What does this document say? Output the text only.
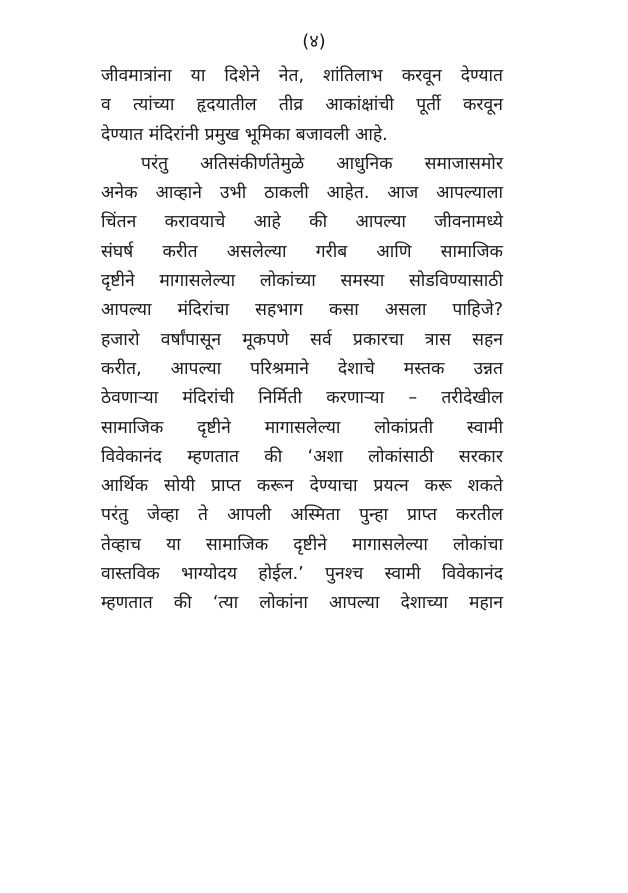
(४)
जीवमात्रांना या दिशेने नेत, शांतिलाभ करवून देण्यात
व त्यांच्या हृदयातील तीव्र आकांक्षांची पूर्ती करवून
देण्यात मंदिरांनी प्रमुख भूमिका बजावली आहे.
परंतु अतिसंकीर्णतेमुळे आधुनिक समाजासमोर
अनेक आव्हाने उभी ठाकली आहेत. आज आपल्याला
चिंतन करावयाचे आहे की आपल्या जीवनामध्ये
संघर्ष करीत असलेल्या गरीब आणि सामाजिक
दृष्टीने मागासलेल्या लोकांच्या समस्या सोडविण्यासाठी
आपल्या मंदिरांचा सहभाग कसा असला पाहिजे?
हजारो वर्षांपासून मूकपणे सर्व प्रकारचा त्रास सहन
करीत, आपल्या परिश्रमाने देशाचे मस्तक उन्नत
ठेवणाऱ्या मंदिरांची निर्मिती करणाऱ्या – तरीदेखील
सामाजिक दृष्टीने मागासलेल्या लोकांप्रती स्वामी
विवेकानंद म्हणतात की ‘अशा लोकांसाठी सरकार
आर्थिक सोयी प्राप्त करून देण्याचा प्रयत्न करू शकते
परंतु जेव्हा ते आपली अस्मिता पुन्हा प्राप्त करतील
तेव्हाच या सामाजिक दृष्टीने मागासलेल्या लोकांचा
वास्तविक भाग्योदय होईल.’ पुनश्च स्वामी विवेकानंद
म्हणतात की ‘त्या लोकांना आपल्या देशाच्या महान
